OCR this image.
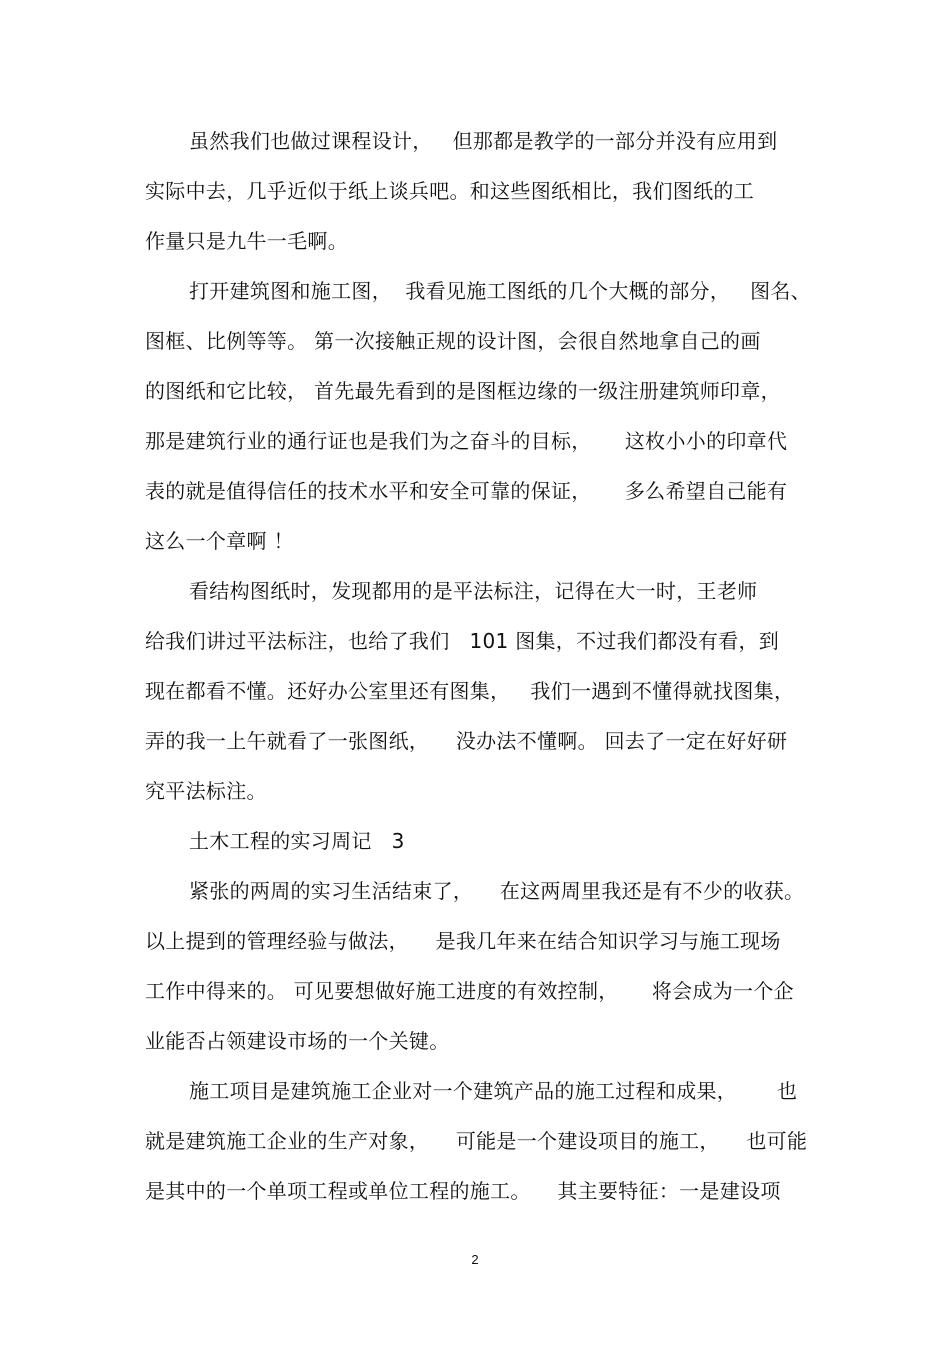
虽然我们也做过课程设计，   但那都是教学的一部分并没有应用到
实际中去，几乎近似于纸上谈兵吧。和这些图纸相比，我们图纸的工
作量只是九牛一毛啊。
打开建筑图和施工图，  我看见施工图纸的几个大概的部分，   图名、
图框、比例等等。 第一次接触正规的设计图，会很自然地拿自己的画
的图纸和它比较， 首先最先看到的是图框边缘的一级注册建筑师印章，
那是建筑行业的通行证也是我们为之奋斗的目标，     这枚小小的印章代
表的就是值得信任的技术水平和安全可靠的保证，     多么希望自己能有
这么一个章啊 ！
看结构图纸时，发现都用的是平法标注，记得在大一时，王老师
给我们讲过平法标注，也给了我们   101 图集，不过我们都没有看，到
现在都看不懂。还好办公室里还有图集，   我们一遇到不懂得就找图集，
弄的我一上午就看了一张图纸，    没办法不懂啊。 回去了一定在好好研
究平法标注。
土木工程的实习周记   3
紧张的两周的实习生活结束了，    在这两周里我还是有不少的收获。
以上提到的管理经验与做法，    是我几年来在结合知识学习与施工现场
工作中得来的。 可见要想做好施工进度的有效控制，     将会成为一个企
业能否占领建设市场的一个关键。
施工项目是建筑施工企业对一个建筑产品的施工过程和成果，      也
就是建筑施工企业的生产对象，    可能是一个建设项目的施工，    也可能
是其中的一个单项工程或单位工程的施工。    其主要特征：一是建设项
2
